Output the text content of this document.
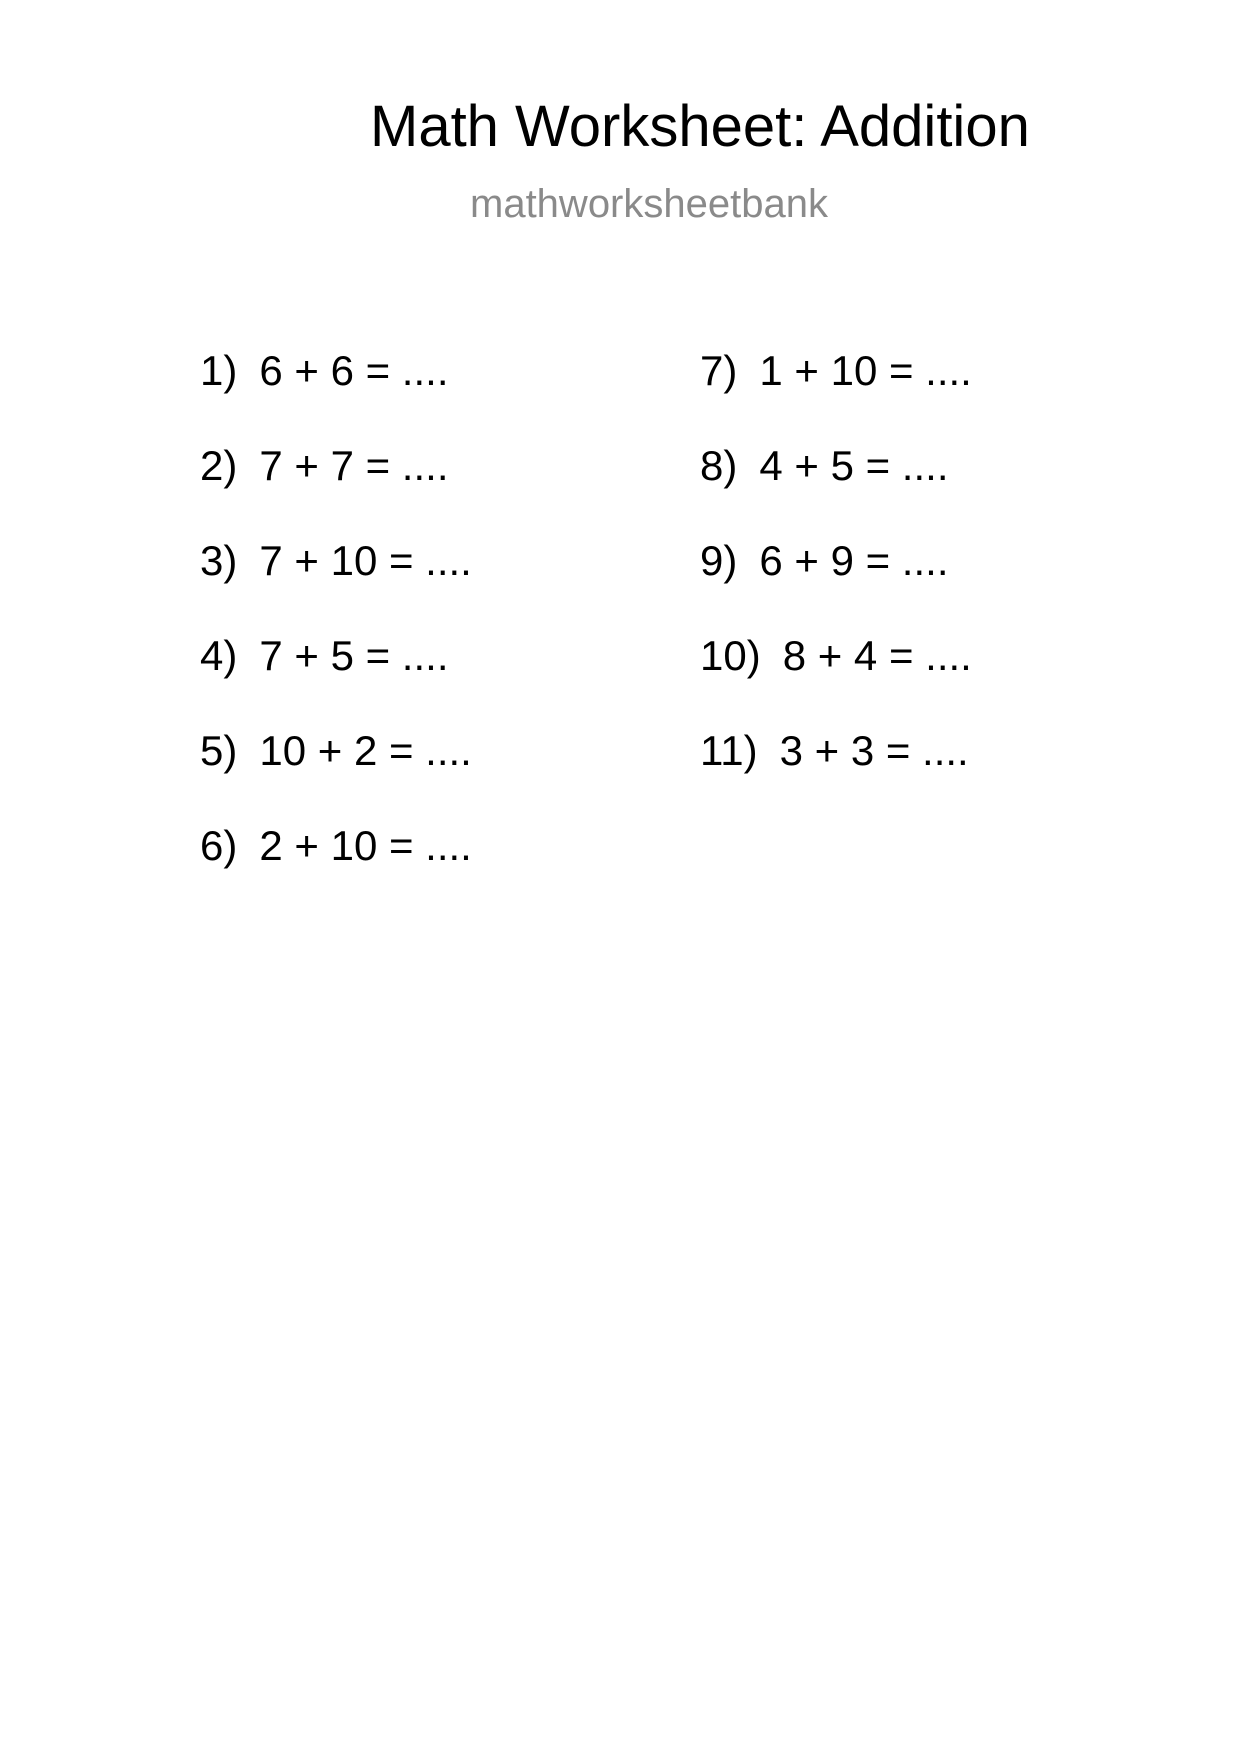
Math Worksheet: Addition
mathworksheetbank
1) 6 + 6 = ....
2) 7 + 7 = ....
3) 7 + 10 = ....
4) 7 + 5 = ....
5) 10 + 2 = ....
6) 2 + 10 = ....
7) 1 + 10 = ....
8) 4 + 5 = ....
9) 6 + 9 = ....
10) 8 + 4 = ....
11) 3 + 3 = ....
